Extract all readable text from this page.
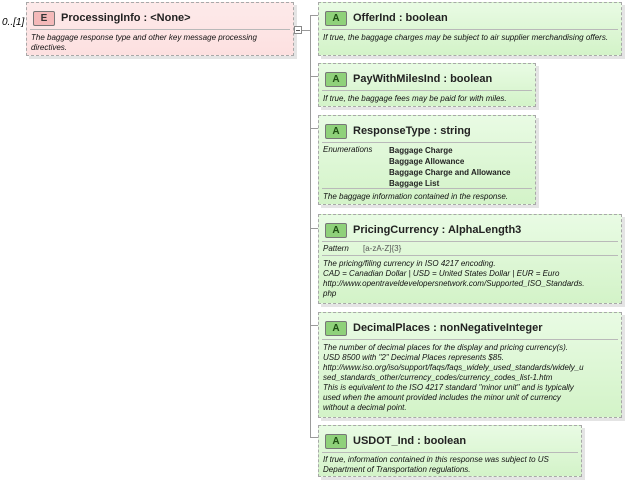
0..[1]	E	ProcessingInfo : <None>
The baggage response type and other key message processing directives.
A	OfferInd : boolean
If true, the baggage charges may be subject to air supplier merchandising offers.
A	PayWithMilesInd : boolean
If true, the baggage fees may be paid for with miles.
A	ResponseType : string
Enumerations Baggage Charge
Baggage Allowance
Baggage Charge and Allowance
Baggage List
The baggage information contained in the response.
A	PricingCurrency : AlphaLength3
Pattern [a-zA-Z]{3}
The pricing/filing currency in ISO 4217 encoding.
CAD = Canadian Dollar | USD = United States Dollar | EUR = Euro
http://www.opentraveldevelopersnetwork.com/Supported_ISO_Standards.
php
A	DecimalPlaces : nonNegativeInteger
The number of decimal places for the display and pricing currency(s).
USD 8500 with "2" Decimal Places represents $85.
http://www.iso.org/iso/support/faqs/faqs_widely_used_standards/widely_u
sed_standards_other/currency_codes/currency_codes_list-1.htm
This is equivalent to the ISO 4217 standard "minor unit" and is typically
used when the amount provided includes the minor unit of currency
without a decimal point.
A	USDOT_Ind : boolean
If true, information contained in this response was subject to US
Department of Transportation regulations.
